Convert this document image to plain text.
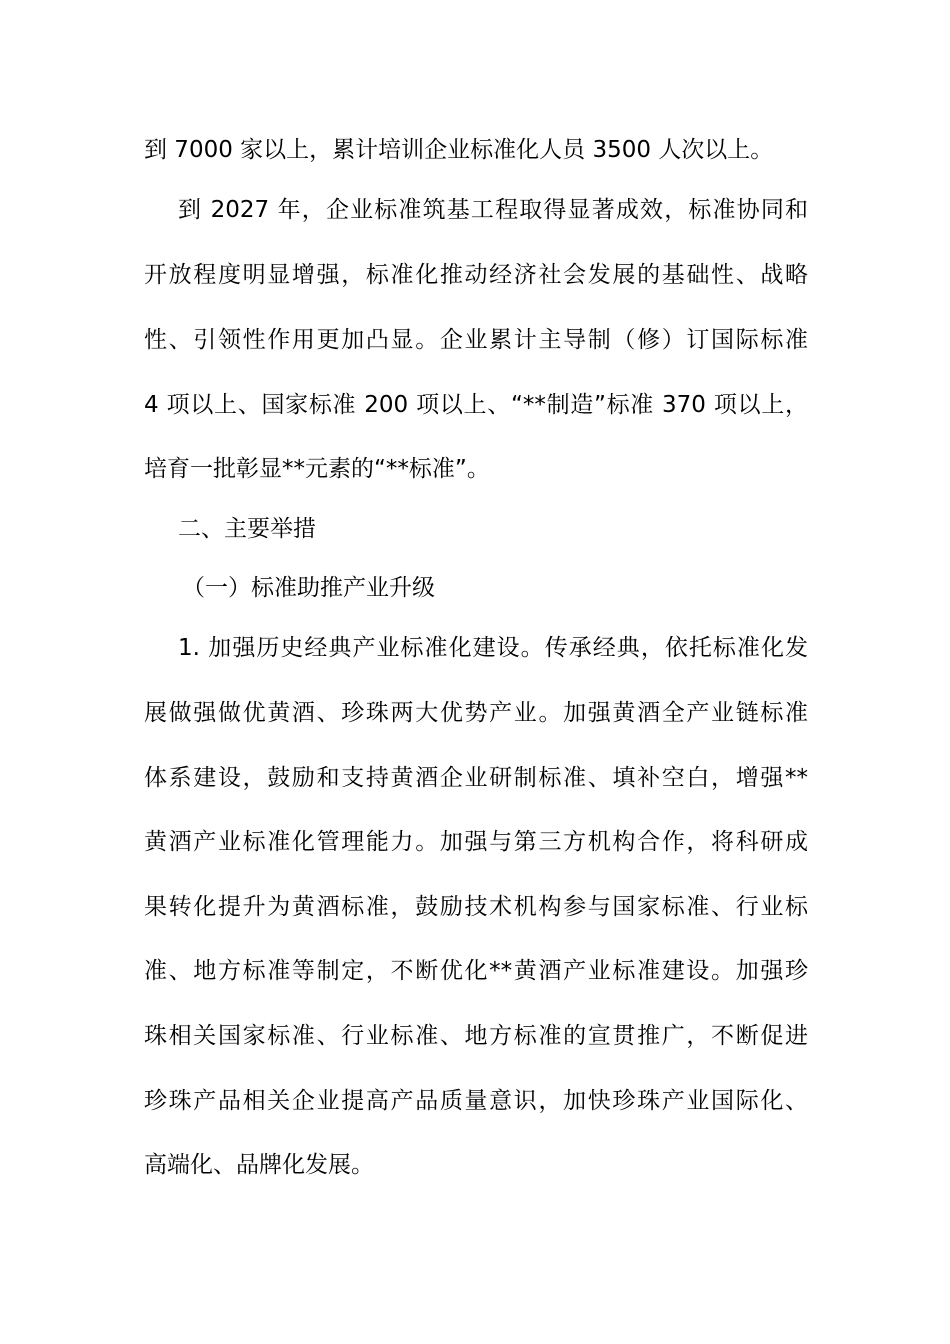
到 7000 家以上，累计培训企业标准化人员 3500 人次以上。
到 2027 年，企业标准筑基工程取得显著成效，标准协同和
开放程度明显增强，标准化推动经济社会发展的基础性、战略
性、引领性作用更加凸显。企业累计主导制（修）订国际标准
4 项以上、国家标准 200 项以上、“**制造”标准 370 项以上，
培育一批彰显**元素的“**标准”。
二、主要举措
（一）标准助推产业升级
1. 加强历史经典产业标准化建设。传承经典，依托标准化发
展做强做优黄酒、珍珠两大优势产业。加强黄酒全产业链标准
体系建设，鼓励和支持黄酒企业研制标准、填补空白，增强**
黄酒产业标准化管理能力。加强与第三方机构合作，将科研成
果转化提升为黄酒标准，鼓励技术机构参与国家标准、行业标
准、地方标准等制定，不断优化**黄酒产业标准建设。加强珍
珠相关国家标准、行业标准、地方标准的宣贯推广，不断促进
珍珠产品相关企业提高产品质量意识，加快珍珠产业国际化、
高端化、品牌化发展。
